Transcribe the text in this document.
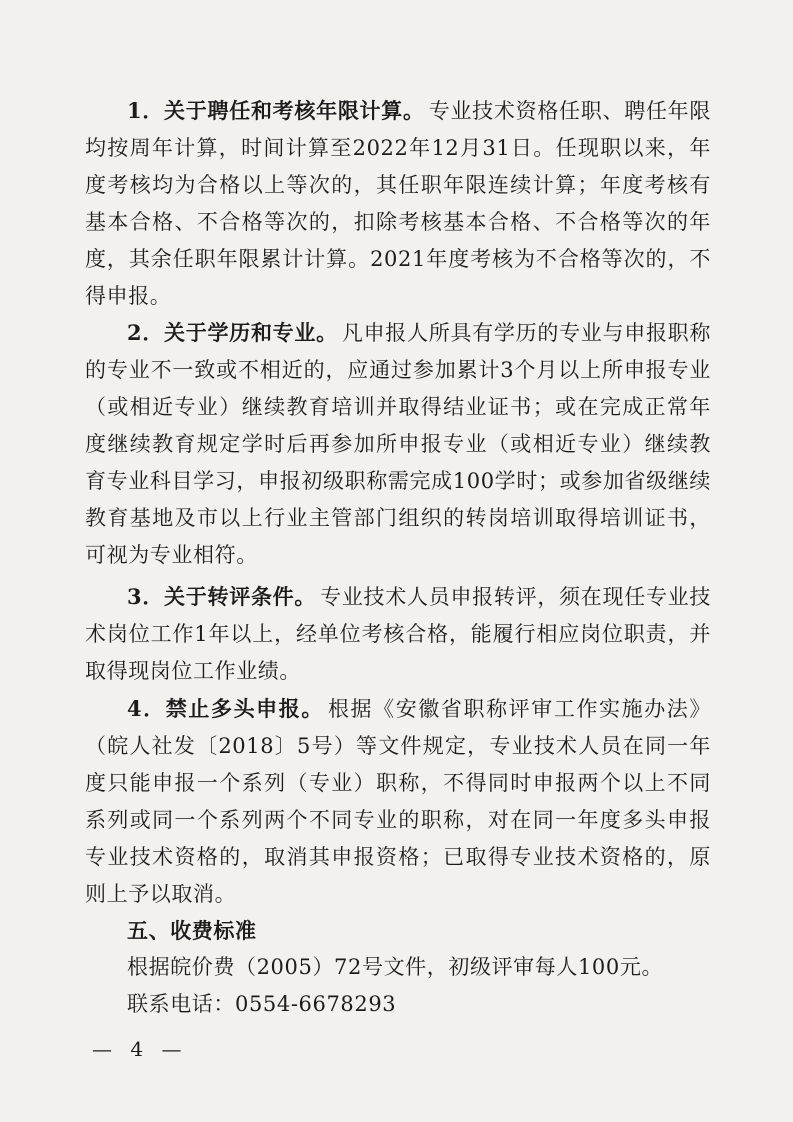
1．关于聘任和考核年限计算。 专业技术资格任职、聘任年限均按周年计算，时间计算至2022年12月31日。任现职以来，年度考核均为合格以上等次的，其任职年限连续计算；年度考核有基本合格、不合格等次的，扣除考核基本合格、不合格等次的年度，其余任职年限累计计算。2021年度考核为不合格等次的，不得申报。

2．关于学历和专业。 凡申报人所具有学历的专业与申报职称的专业不一致或不相近的，应通过参加累计3个月以上所申报专业（或相近专业）继续教育培训并取得结业证书；或在完成正常年度继续教育规定学时后再参加所申报专业（或相近专业）继续教育专业科目学习，申报初级职称需完成100学时；或参加省级继续教育基地及市以上行业主管部门组织的转岗培训取得培训证书，可视为专业相符。

3．关于转评条件。 专业技术人员申报转评，须在现任专业技术岗位工作1年以上，经单位考核合格，能履行相应岗位职责，并取得现岗位工作业绩。

4．禁止多头申报。 根据《安徽省职称评审工作实施办法》（皖人社发〔2018〕5号）等文件规定，专业技术人员在同一年度只能申报一个系列（专业）职称，不得同时申报两个以上不同系列或同一个系列两个不同专业的职称，对在同一年度多头申报专业技术资格的，取消其申报资格；已取得专业技术资格的，原则上予以取消。

五、收费标准

根据皖价费（2005）72号文件，初级评审每人100元。

联系电话：0554-6678293

— 4 —
